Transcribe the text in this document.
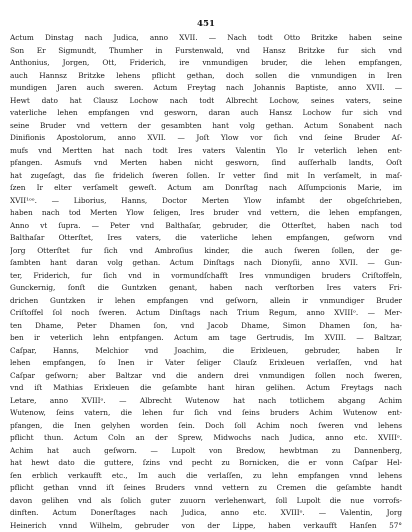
451
Actum Dinstag nach Judica, anno XVII. — Nach todt Otto Britzke haben seine
Son Er Sigmundt, Thumher in Furstenwald, vnd Hansz Britzke fur sich vnd
Anthonius, Jorgen, Ott, Friderich, ire vnmundigen bruder, die lehen empfangen,
auch Hannsz Britzke lehens pflicht gethan, doch sollen die vnmundigen in Iren
mundigen Jaren auch sweren. Actum Freytag nach Johannis Baptiste, anno XVII. —
Hewt dato hat Clausz Lochow nach todt Albrecht Lochow, seines vaters, seine
vaterliche lehen empfangen vnd gesworn, daran auch Hansz Lochow fur sich vnd
seine Bruder vnd vettern der gesambten hant volg gethan. Actum Sonabent nach
Dinifionis Apostolorum, anno XVII. — Joſt Ylow vor ſich vnd ſeine Bruder Aſ-
mufs vnd Mertten hat nach todt Ires vaters Valentin Ylo Ir veterlich lehen ent-
pfangen. Asmufs vnd Merten haben nicht gesworn, ſind auſſerhalb landts, Ooſt
hat zugeſagt, das ſie fridelich ſweren ſollen. Ir vetter ſind mit In verſamelt, in maſ-
ſzen Ir elter verſamelt geweſt. Actum am Donrſtag nach Aſſumpcionis Marie, im
XVII¹ᵒᵒ. — Liborius, Hanns, Doctor Merten Ylow infambt der obgeſchrieben,
haben nach tod Merten Ylow ſeligen, Ires bruder vnd vettern, die lehen empfangen,
Anno vt ſupra. — Peter vnd Balthaſar, gebruder, die Otterſtet, haben nach tod
Balthaſar Otterſtet, Ires vaters, die vaterliche lehen empfangen, geſworn vnd
Jorg Otterſtet fur ſich vnd Ambroſius kinder, die auch ſweren ſollen, der ge-
ſambten hant daran volg gethan. Actum Dinſtags nach Dionyſii, anno XVII. — Gun-
ter, Friderich, fur ſich vnd in vormundſchafft Ires vnmundigen bruders Criſtoffeln,
Gunckernig, ſonſt die Guntzken genant, haben nach verſtorben Ires vaters Fri-
drichen Guntzken ir lehen empfangen vnd geſworn, allein ir vnmundiger Bruder
Criſtoffel ſol noch ſweren. Actum Dinſtags nach Trium Regum, anno XVIIIᵒ. — Mer-
ten Dhame, Peter Dhamen ſon, vnd Jacob Dhame, Simon Dhamen ſon, ha-
ben ir veterlich lehn entpfangen. Actum am tage Gertrudis, Im XVIII. — Baltzar,
Caſpar, Hanns, Melchior vnd Joachim, die Erixleuen, gebruder, haben Ir
lehen empfangen, ſo Inen ir Vater ſeliger Clauſz Erixleuen verlaſſen, vnd hat
Caſpar geſworn; aber Baltzar vnd die andern drei vnmundigen ſollen noch ſweren,
vnd iſt Mathias Erixleuen die geſambte hant hiran gelihen. Actum Freytags nach
Letare, anno XVIIIᵒ. — Albrecht Wutenow hat nach totlichem abgang Achim
Wutenow, ſeins vatern, die lehen fur ſich vnd ſeins bruders Achim Wutenow ent-
pfangen, die Inen gelyhen worden ſein. Doch ſoll Achim noch ſweren vnd lehens
pflicht thun. Actum Coln an der Sprew, Midwochs nach Judica, anno etc. XVIIIᵒ.
Achim hat auch geſworn. — Lupolt von Bredow, hewbtman zu Dannenberg,
hat hewt dato die guttere, ſzins vnd pecht zu Bornicken, die er vonn Caſpar Hel-
ſen erblich verkaufft etc., Im auch die verlaſſen, zu lehn empfangen vnnd lehens
pflicht gethan vnnd iſt ſeines Bruders vnnd vettern zu Cremen die geſambte handt
davon gelihen vnd als ſolich guter zuuorn verlehenwart, ſoll Lupolt die nue vorrofs-
dinften. Actum Donerſtages nach Judica, anno etc. XVIIIᵒ. — Valentin, Jorg
Heinerich vnnd Wilhelm, gebruder von der Lippe, haben verkaufft Hanſen 57°
